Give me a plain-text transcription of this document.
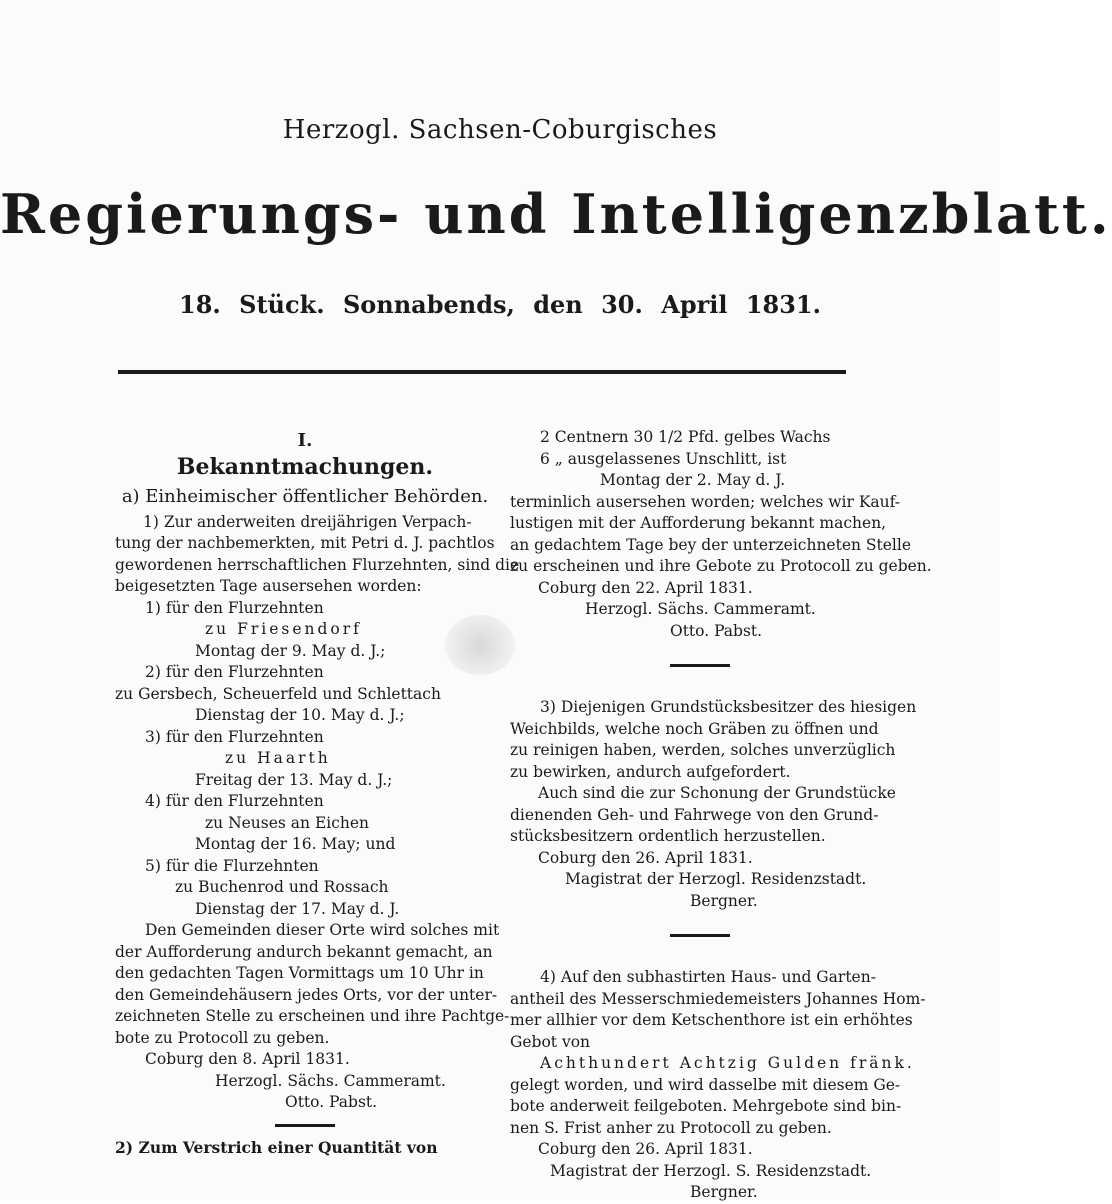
Herzogl. Sachsen-Coburgisches
Regierungs- und Intelligenzblatt.
18. Stück. Sonnabends, den 30. April 1831.
I.
Bekanntmachungen.
a) Einheimischer öffentlicher Behörden.
1) Zur anderweiten dreijährigen Verpach-
tung der nachbemerkten, mit Petri d. J. pachtlos
gewordenen herrschaftlichen Flurzehnten, sind die
beigesetzten Tage ausersehen worden:
1) für den Flurzehnten
zu Friesendorf
Montag der 9. May d. J.;
2) für den Flurzehnten
zu Gersbech, Scheuerfeld und Schlettach
Dienstag der 10. May d. J.;
3) für den Flurzehnten
zu Haarth
Freitag der 13. May d. J.;
4) für den Flurzehnten
zu Neuses an Eichen
Montag der 16. May; und
5) für die Flurzehnten
zu Buchenrod und Rossach
Dienstag der 17. May d. J.
Den Gemeinden dieser Orte wird solches mit
der Aufforderung andurch bekannt gemacht, an
den gedachten Tagen Vormittags um 10 Uhr in
den Gemeindehäusern jedes Orts, vor der unter-
zeichneten Stelle zu erscheinen und ihre Pachtge-
bote zu Protocoll zu geben.
Coburg den 8. April 1831.
Herzogl. Sächs. Cammeramt.
Otto. Pabst.
2) Zum Verstrich einer Quantität von
2 Centnern 30 1/2 Pfd. gelbes Wachs
6 „ ausgelassenes Unschlitt, ist
Montag der 2. May d. J.
terminlich ausersehen worden; welches wir Kauf-
lustigen mit der Aufforderung bekannt machen,
an gedachtem Tage bey der unterzeichneten Stelle
zu erscheinen und ihre Gebote zu Protocoll zu geben.
Coburg den 22. April 1831.
Herzogl. Sächs. Cammeramt.
Otto. Pabst.
3) Diejenigen Grundstücksbesitzer des hiesigen
Weichbilds, welche noch Gräben zu öffnen und
zu reinigen haben, werden, solches unverzüglich
zu bewirken, andurch aufgefordert.
Auch sind die zur Schonung der Grundstücke
dienenden Geh- und Fahrwege von den Grund-
stücksbesitzern ordentlich herzustellen.
Coburg den 26. April 1831.
Magistrat der Herzogl. Residenzstadt.
Bergner.
4) Auf den subhastirten Haus- und Garten-
antheil des Messerschmiedemeisters Johannes Hom-
mer allhier vor dem Ketschenthore ist ein erhöhtes
Gebot von
Achthundert Achtzig Gulden fränk.
gelegt worden, und wird dasselbe mit diesem Ge-
bote anderweit feilgeboten. Mehrgebote sind bin-
nen S. Frist anher zu Protocoll zu geben.
Coburg den 26. April 1831.
Magistrat der Herzogl. S. Residenzstadt.
Bergner.
